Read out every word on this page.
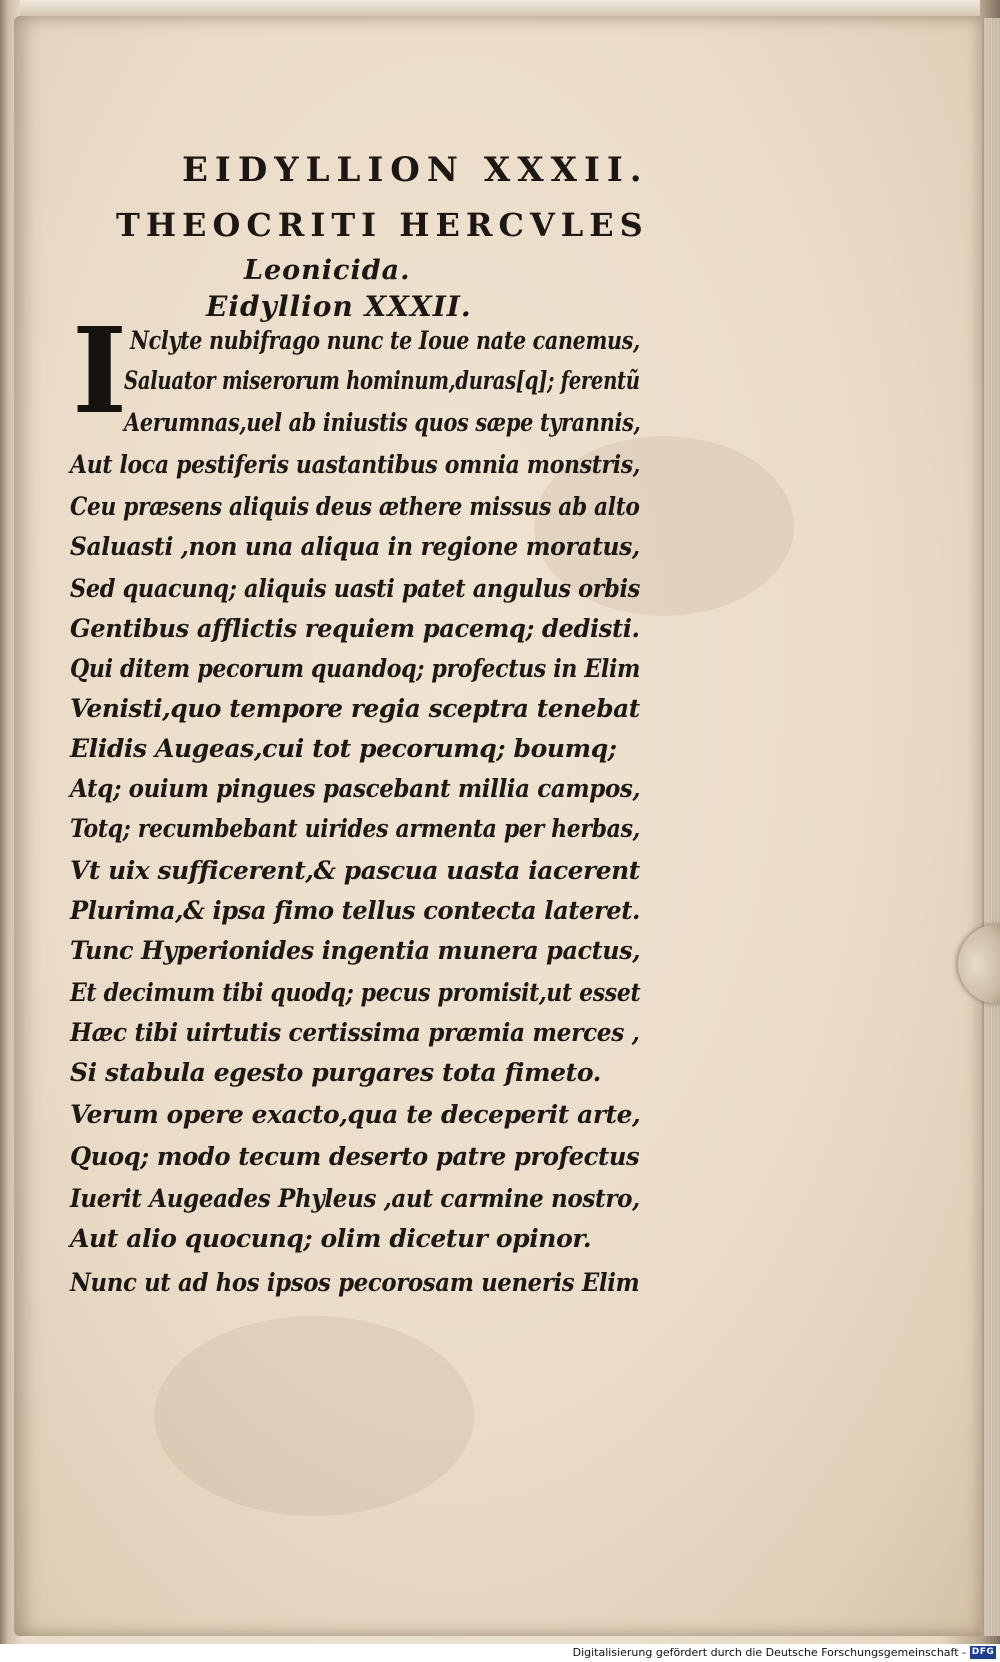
EIDYLLION XXXII.
THEOCRITI HERCVLES
Leonicida.
Eidyllion XXXII.
I Nclyte nubifrago nunc te Ioue nate canemus,
Saluator miserorum hominum,duras[q]; ferentũ
Aerumnas,uel ab iniustis quos sæpe tyrannis,
Aut loca pestiferis uastantibus omnia monstris,
Ceu præsens aliquis deus æthere missus ab alto
Saluasti ,non una aliqua in regione moratus,
Sed quacunq; aliquis uasti patet angulus orbis
Gentibus afflictis requiem pacemq; dedisti.
Qui ditem pecorum quandoq; profectus in Elim
Venisti,quo tempore regia sceptra tenebat
Elidis Augeas,cui tot pecorumq; boumq;
Atq; ouium pingues pascebant millia campos,
Totq; recumbebant uirides armenta per herbas,
Vt uix sufficerent,& pascua uasta iacerent
Plurima,& ipsa fimo tellus contecta lateret.
Tunc Hyperionides ingentia munera pactus,
Et decimum tibi quodq; pecus promisit,ut esset
Hæc tibi uirtutis certissima præmia merces ,
Si stabula egesto purgares tota fimeto.
Verum opere exacto,qua te deceperit arte,
Quoq; modo tecum deserto patre profectus
Iuerit Augeades Phyleus ,aut carmine nostro,
Aut alio quocunq; olim dicetur opinor.
Nunc ut ad hos ipsos pecorosam ueneris Elim
Digitalisierung gefördert durch die Deutsche Forschungsgemeinschaft - DFG
